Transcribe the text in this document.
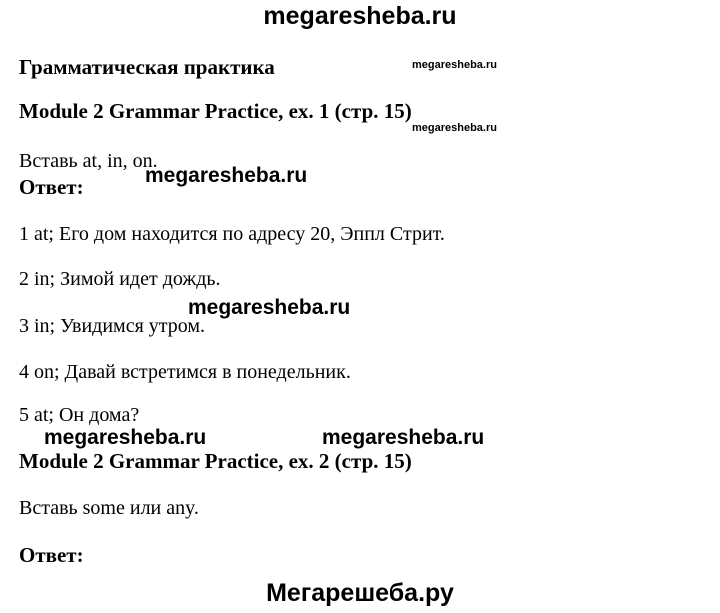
megaresheba.ru
Грамматическая практика	megaresheba.ru
megaresheba.ru
Module 2 Grammar Practice, ex. 1 (стр. 15)
Вставь at, in, on.
Ответ:	megaresheba.ru
1 at; Его дом находится по адресу 20, Эппл Стрит.
2 in; Зимой идет дождь.
megaresheba.ru
3 in; Увидимся утром.
4 on; Давай встретимся в понедельник.
5 at; Он дома?
megaresheba.ru	megaresheba.ru
Module 2 Grammar Practice, ex. 2 (стр. 15)
Вставь some или any.
Ответ:
Мегарешеба.ру
